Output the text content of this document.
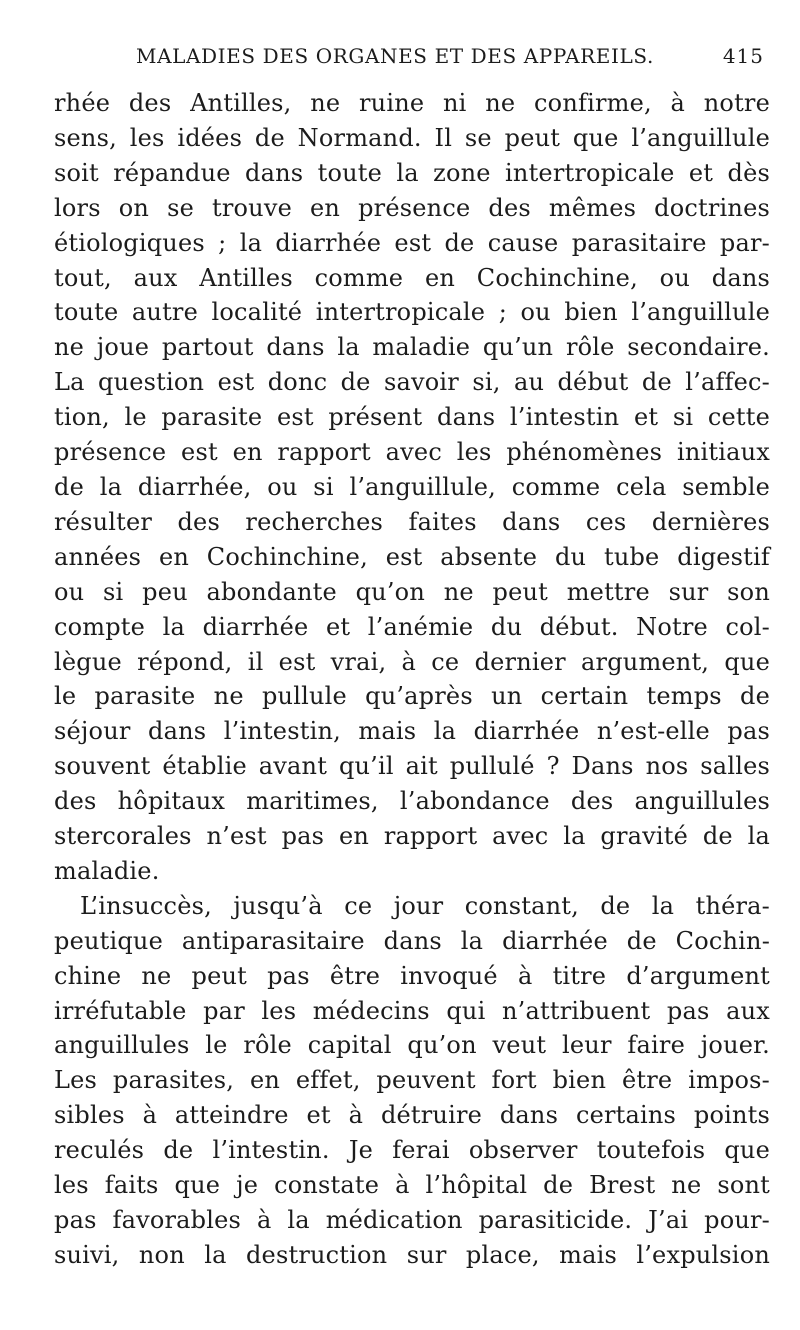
MALADIES DES ORGANES ET DES APPAREILS.	415
rhée des Antilles, ne ruine ni ne confirme, à notre
sens, les idées de Normand. Il se peut que l’anguillule
soit répandue dans toute la zone intertropicale et dès
lors on se trouve en présence des mêmes doctrines
étiologiques ; la diarrhée est de cause parasitaire par-
tout, aux Antilles comme en Cochinchine, ou dans
toute autre localité intertropicale ; ou bien l’anguillule
ne joue partout dans la maladie qu’un rôle secondaire.
La question est donc de savoir si, au début de l’affec-
tion, le parasite est présent dans l’intestin et si cette
présence est en rapport avec les phénomènes initiaux
de la diarrhée, ou si l’anguillule, comme cela semble
résulter des recherches faites dans ces dernières
années en Cochinchine, est absente du tube digestif
ou si peu abondante qu’on ne peut mettre sur son
compte la diarrhée et l’anémie du début. Notre col-
lègue répond, il est vrai, à ce dernier argument, que
le parasite ne pullule qu’après un certain temps de
séjour dans l’intestin, mais la diarrhée n’est-elle pas
souvent établie avant qu’il ait pullulé ? Dans nos salles
des hôpitaux maritimes, l’abondance des anguillules
stercorales n’est pas en rapport avec la gravité de la
maladie.
L’insuccès, jusqu’à ce jour constant, de la théra-
peutique antiparasitaire dans la diarrhée de Cochin-
chine ne peut pas être invoqué à titre d’argument
irréfutable par les médecins qui n’attribuent pas aux
anguillules le rôle capital qu’on veut leur faire jouer.
Les parasites, en effet, peuvent fort bien être impos-
sibles à atteindre et à détruire dans certains points
reculés de l’intestin. Je ferai observer toutefois que
les faits que je constate à l’hôpital de Brest ne sont
pas favorables à la médication parasiticide. J’ai pour-
suivi, non la destruction sur place, mais l’expulsion
